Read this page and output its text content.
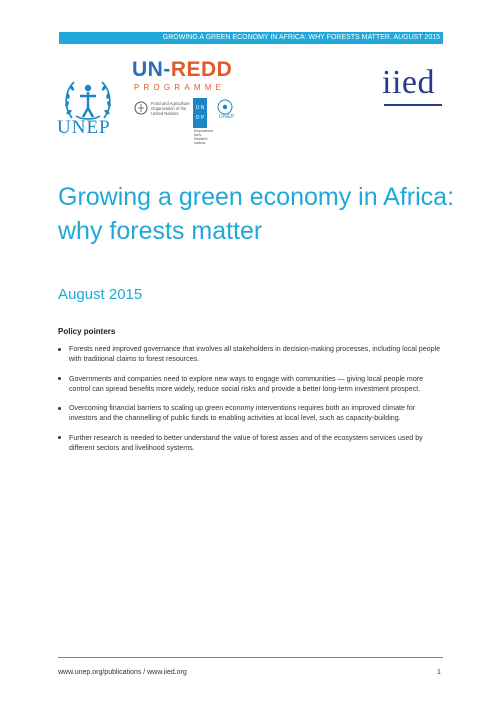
GROWING A GREEN ECONOMY IN AFRICA: WHY FORESTS MATTER. AUGUST 2015
UNEP
UN-REDD
PROGRAMME
U N
D P
Food and Agriculture Organization of the United Nations
Empowered lives. Resilient nations.
UNEP
iied
Growing a green economy in Africa: why forests matter
August 2015
Policy pointers
Forests need improved governance that involves all stakeholders in decision-making processes, including local people with traditional claims to forest resources.
Governments and companies need to explore new ways to engage with communities — giving local people more control can spread benefits more widely, reduce social risks and provide a better long-term investment prospect.
Overcoming financial barriers to scaling up green economy interventions requires both an improved climate for investors and the channelling of public funds to enabling activities at local level, such as capacity-building.
Further research is needed to better understand the value of forest asses and of the ecosystem services used by different sectors and livelihood systems.
www.unep.org/publications / www.iied.org	1
